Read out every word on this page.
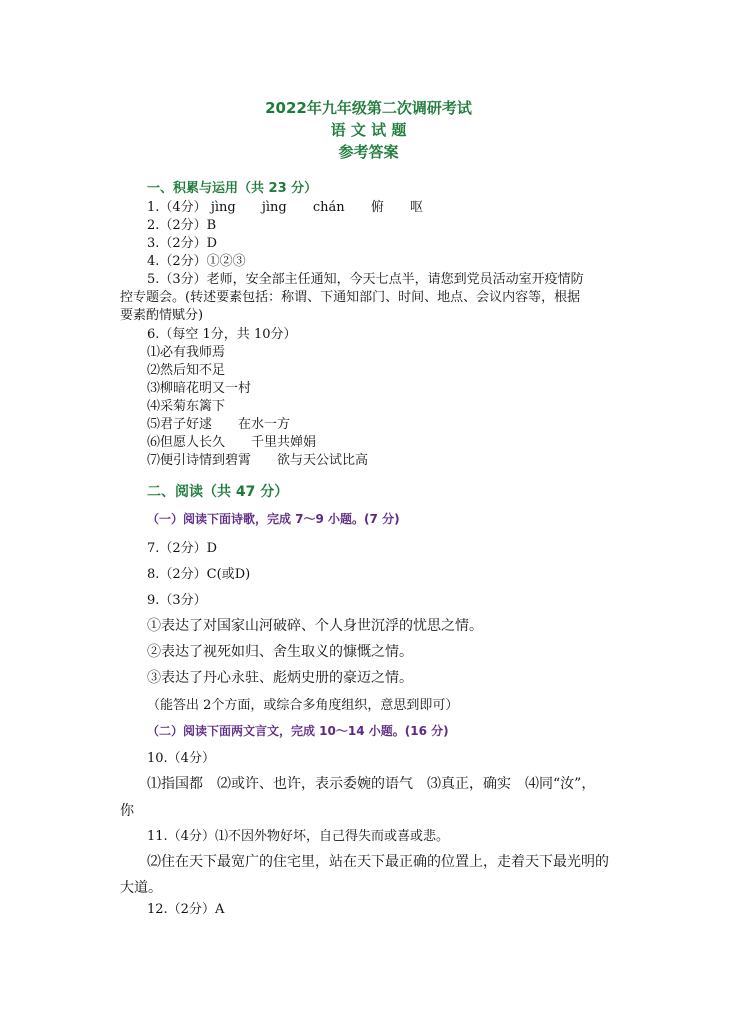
2022年九年级第二次调研考试
语 文 试 题
参考答案
一、积累与运用（共 23 分）
1.（4分） jìng jìng chán 俯 呕
2.（2分）B
3.（2分）D
4.（2分）①②③
5.（3分）老师，安全部主任通知，今天七点半，请您到党员活动室开疫情防
控专题会。(转述要素包括：称谓、下通知部门、时间、地点、会议内容等，根据
要素酌情赋分)
6.（每空 1分，共 10分）
⑴必有我师焉
⑵然后知不足
⑶柳暗花明又一村
⑷采菊东篱下
⑸君子好逑　　在水一方
⑹但愿人长久　　千里共婵娟
⑺便引诗情到碧霄　　欲与天公试比高
二、阅读（共 47 分）
（一）阅读下面诗歌，完成 7～9 小题。(7 分)
7.（2分）D
8.（2分）C(或D)
9.（3分）
①表达了对国家山河破碎、个人身世沉浮的忧思之情。
②表达了视死如归、舍生取义的慷慨之情。
③表达了丹心永驻、彪炳史册的豪迈之情。
（能答出 2个方面，或综合多角度组织，意思到即可）
（二）阅读下面两文言文，完成 10～14 小题。(16 分)
10.（4分）
⑴指国都　⑵或许、也许，表示委婉的语气　⑶真正，确实　⑷同“汝”，
你
11.（4分）⑴不因外物好坏，自己得失而或喜或悲。
⑵住在天下最宽广的住宅里，站在天下最正确的位置上，走着天下最光明的
大道。
12.（2分）A
